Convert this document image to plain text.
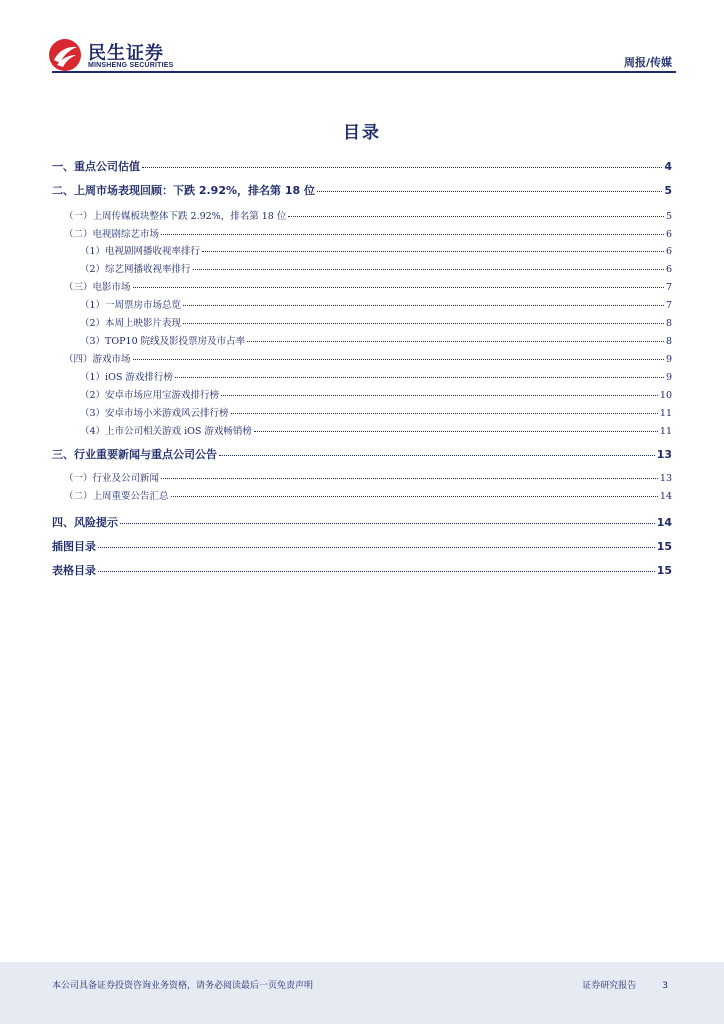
民生证券
MINSHENG SECURITIES	周报/传媒
目录
一、重点公司估值	4
二、上周市场表现回顾：下跌 2.92%，排名第 18 位	5
（一）上周传媒板块整体下跌 2.92%，排名第 18 位	5
（二）电视剧综艺市场	6
（1）电视剧网播收视率排行	6
（2）综艺网播收视率排行	6
（三）电影市场	7
（1）一周票房市场总览	7
（2）本周上映影片表现	8
（3）TOP10 院线及影投票房及市占率	8
（四）游戏市场	9
（1）iOS 游戏排行榜	9
（2）安卓市场应用宝游戏排行榜	10
（3）安卓市场小米游戏风云排行榜	11
（4）上市公司相关游戏 iOS 游戏畅销榜	11
三、行业重要新闻与重点公司公告	13
（一）行业及公司新闻	13
（二）上周重要公告汇总	14
四、风险提示	14
插图目录	15
表格目录	15
本公司具备证券投资咨询业务资格，请务必阅读最后一页免责声明	证券研究报告	3
